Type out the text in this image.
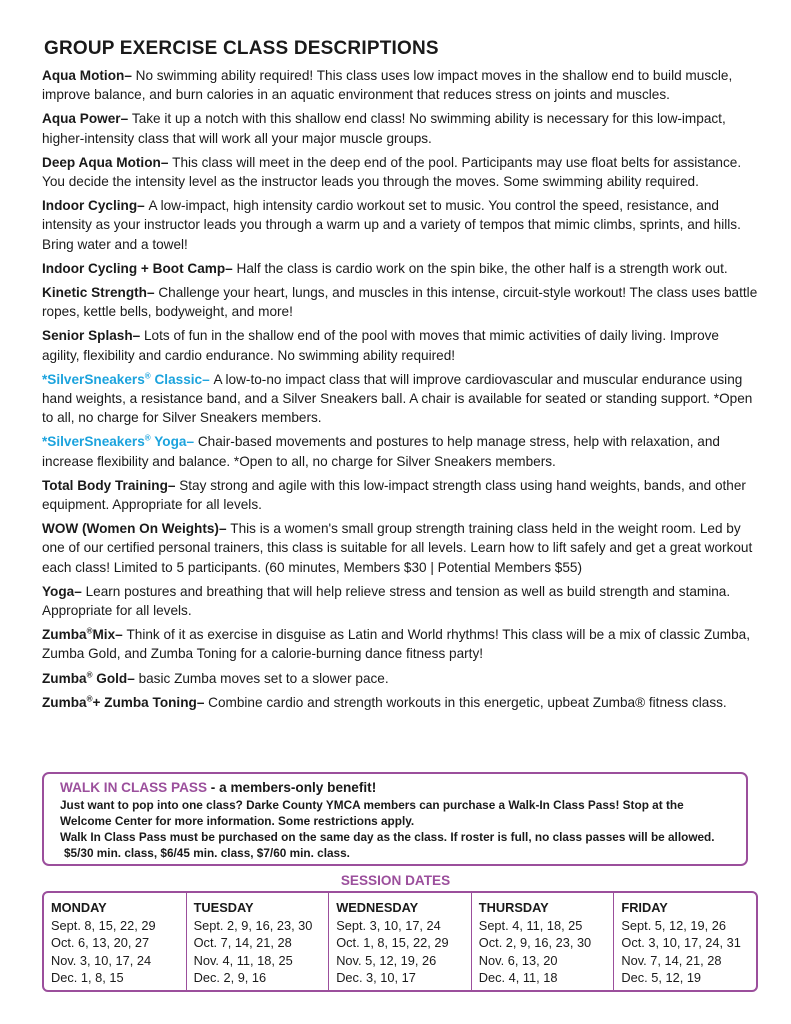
GROUP EXERCISE CLASS DESCRIPTIONS
Aqua Motion– No swimming ability required! This class uses low impact moves in the shallow end to build muscle, improve balance, and burn calories in an aquatic environment that reduces stress on joints and muscles.
Aqua Power– Take it up a notch with this shallow end class! No swimming ability is necessary for this low-impact, higher-intensity class that will work all your major muscle groups.
Deep Aqua Motion– This class will meet in the deep end of the pool. Participants may use float belts for assistance. You decide the intensity level as the instructor leads you through the moves. Some swimming ability required.
Indoor Cycling– A low-impact, high intensity cardio workout set to music. You control the speed, resistance, and intensity as your instructor leads you through a warm up and a variety of tempos that mimic climbs, sprints, and hills. Bring water and a towel!
Indoor Cycling + Boot Camp– Half the class is cardio work on the spin bike, the other half is a strength work out.
Kinetic Strength– Challenge your heart, lungs, and muscles in this intense, circuit-style workout! The class uses battle ropes, kettle bells, bodyweight, and more!
Senior Splash– Lots of fun in the shallow end of the pool with moves that mimic activities of daily living. Improve agility, flexibility and cardio endurance. No swimming ability required!
*SilverSneakers® Classic– A low-to-no impact class that will improve cardiovascular and muscular endurance using hand weights, a resistance band, and a Silver Sneakers ball. A chair is available for seated or standing support. *Open to all, no charge for Silver Sneakers members.
*SilverSneakers® Yoga– Chair-based movements and postures to help manage stress, help with relaxation, and increase flexibility and balance. *Open to all, no charge for Silver Sneakers members.
Total Body Training– Stay strong and agile with this low-impact strength class using hand weights, bands, and other equipment. Appropriate for all levels.
WOW (Women On Weights)– This is a women's small group strength training class held in the weight room. Led by one of our certified personal trainers, this class is suitable for all levels. Learn how to lift safely and get a great workout each class! Limited to 5 participants. (60 minutes, Members $30 | Potential Members $55)
Yoga– Learn postures and breathing that will help relieve stress and tension as well as build strength and stamina. Appropriate for all levels.
Zumba®Mix– Think of it as exercise in disguise as Latin and World rhythms! This class will be a mix of classic Zumba, Zumba Gold, and Zumba Toning for a calorie-burning dance fitness party!
Zumba® Gold– basic Zumba moves set to a slower pace.
Zumba®+ Zumba Toning– Combine cardio and strength workouts in this energetic, upbeat Zumba® fitness class.
WALK IN CLASS PASS - a members-only benefit!
Just want to pop into one class? Darke County YMCA members can purchase a Walk-In Class Pass! Stop at the
Welcome Center for more information. Some restrictions apply.
Walk In Class Pass must be purchased on the same day as the class. If roster is full, no class passes will be allowed.
$5/30 min. class, $6/45 min. class, $7/60 min. class.
SESSION DATES
MONDAY
Sept. 8, 15, 22, 29
Oct. 6, 13, 20, 27
Nov. 3, 10, 17, 24
Dec. 1, 8, 15
TUESDAY
Sept. 2, 9, 16, 23, 30
Oct. 7, 14, 21, 28
Nov. 4, 11, 18, 25
Dec. 2, 9, 16
WEDNESDAY
Sept. 3, 10, 17, 24
Oct. 1, 8, 15, 22, 29
Nov. 5, 12, 19, 26
Dec. 3, 10, 17
THURSDAY
Sept. 4, 11, 18, 25
Oct. 2, 9, 16, 23, 30
Nov. 6, 13, 20
Dec. 4, 11, 18
FRIDAY
Sept. 5, 12, 19, 26
Oct. 3, 10, 17, 24, 31
Nov. 7, 14, 21, 28
Dec. 5, 12, 19
